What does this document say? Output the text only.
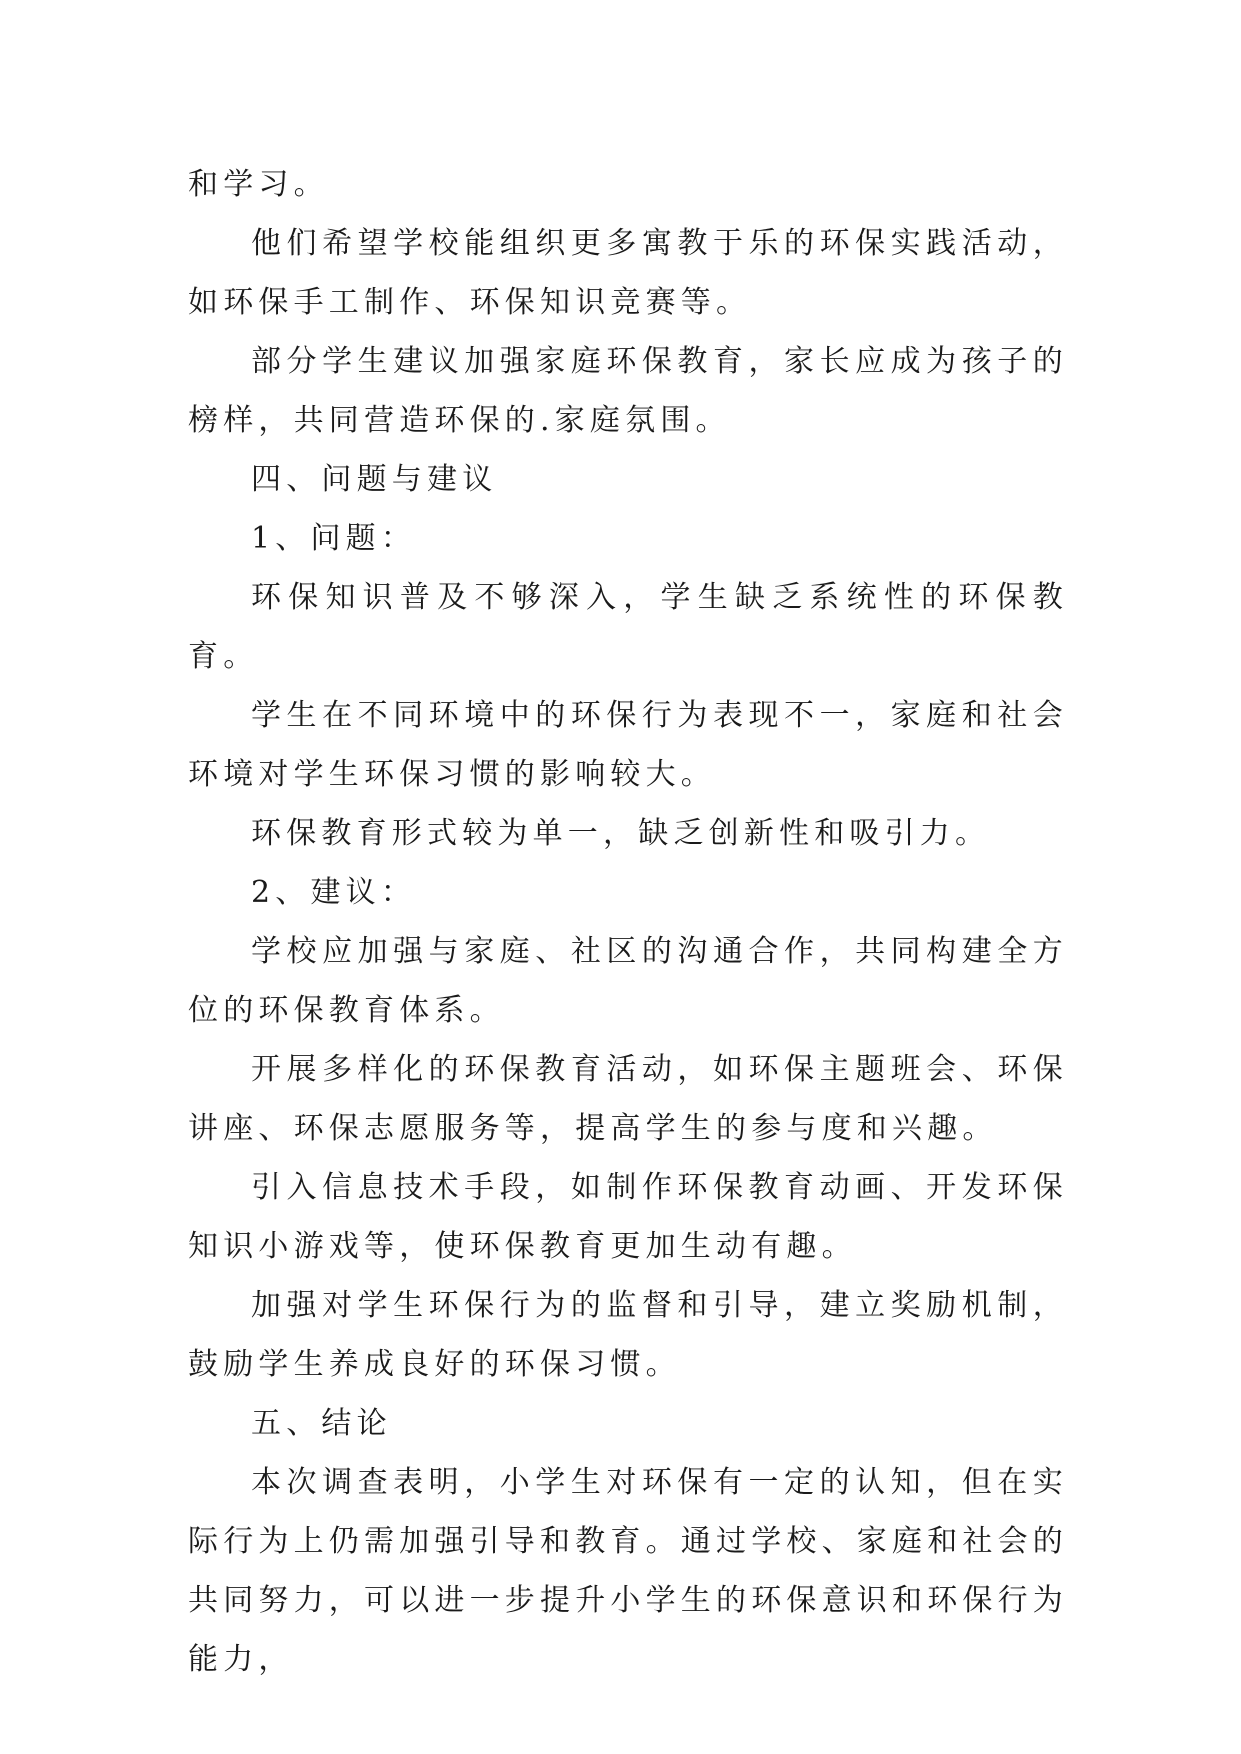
和学习。

他们希望学校能组织更多寓教于乐的环保实践活动，如环保手工制作、环保知识竞赛等。

部分学生建议加强家庭环保教育，家长应成为孩子的榜样，共同营造环保的.家庭氛围。

四、问题与建议

1、问题：

环保知识普及不够深入，学生缺乏系统性的环保教育。

学生在不同环境中的环保行为表现不一，家庭和社会环境对学生环保习惯的影响较大。

环保教育形式较为单一，缺乏创新性和吸引力。

2、建议：

学校应加强与家庭、社区的沟通合作，共同构建全方位的环保教育体系。

开展多样化的环保教育活动，如环保主题班会、环保讲座、环保志愿服务等，提高学生的参与度和兴趣。

引入信息技术手段，如制作环保教育动画、开发环保知识小游戏等，使环保教育更加生动有趣。

加强对学生环保行为的监督和引导，建立奖励机制，鼓励学生养成良好的环保习惯。

五、结论

本次调查表明，小学生对环保有一定的认知，但在实际行为上仍需加强引导和教育。通过学校、家庭和社会的共同努力，可以进一步提升小学生的环保意识和环保行为能力，
